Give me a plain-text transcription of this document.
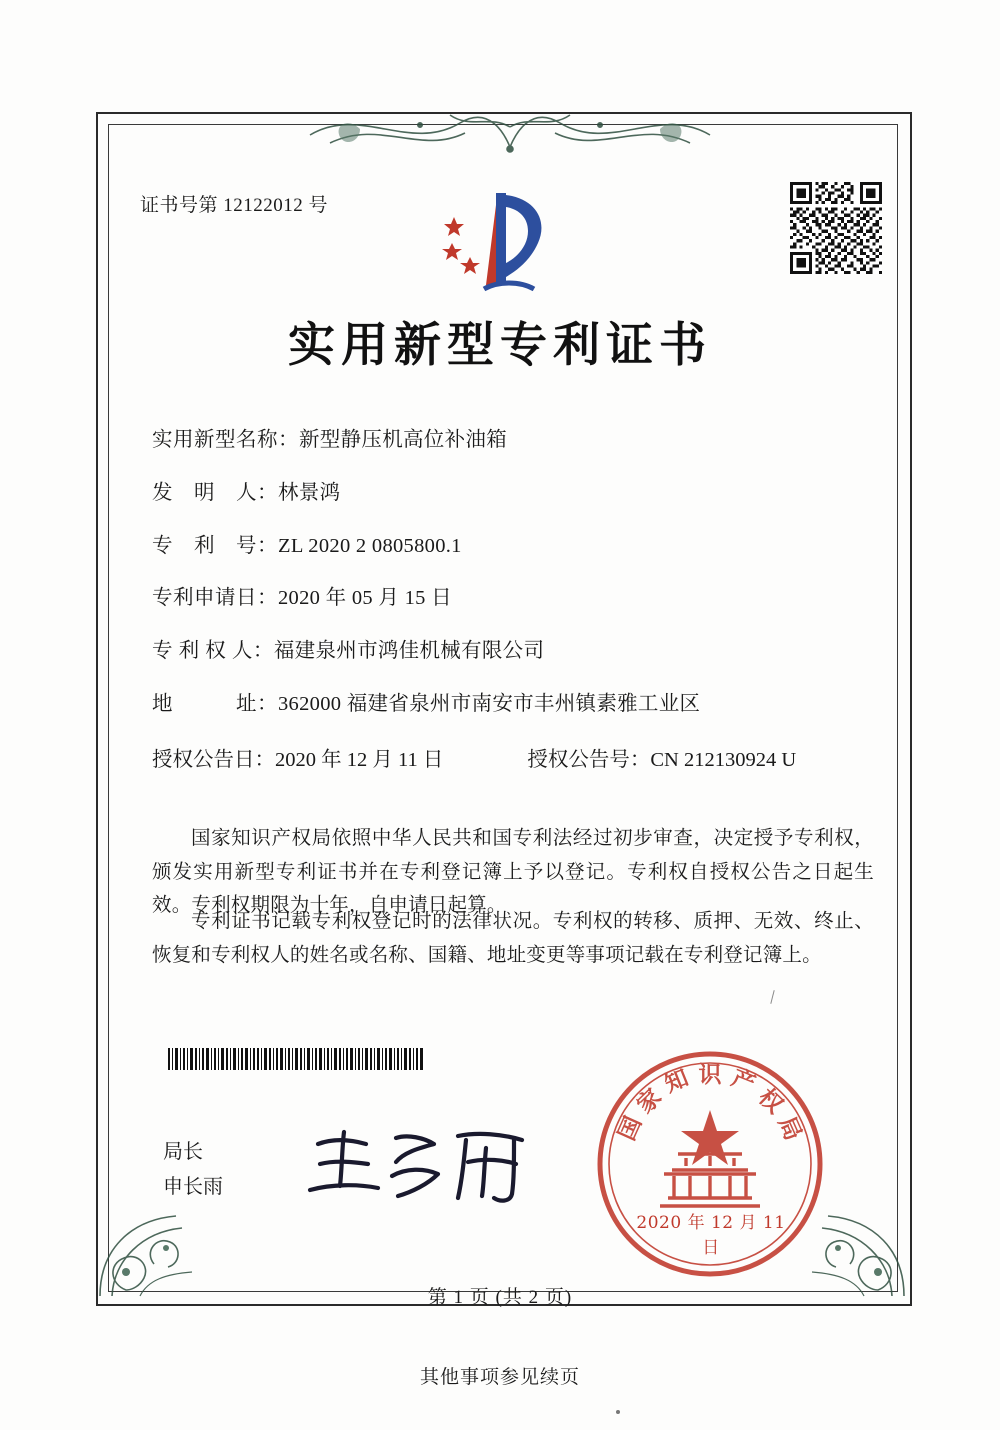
证书号第 12122012 号
实用新型专利证书
实用新型名称： 新型静压机高位补油箱
发　明　人： 林景鸿
专　利　号： ZL 2020 2 0805800.1
专利申请日： 2020 年 05 月 15 日
专 利 权 人： 福建泉州市鸿佳机械有限公司
地　　　址： 362000 福建省泉州市南安市丰州镇素雅工业区
授权公告日：2020 年 12 月 11 日	授权公告号：CN 212130924 U
国家知识产权局依照中华人民共和国专利法经过初步审查，决定授予专利权，颁发实用新型专利证书并在专利登记簿上予以登记。专利权自授权公告之日起生效。专利权期限为十年，自申请日起算。
专利证书记载专利权登记时的法律状况。专利权的转移、质押、无效、终止、恢复和专利权人的姓名或名称、国籍、地址变更等事项记载在专利登记簿上。
局长
申长雨
国
家
知 识 产
权
局
2020 年 12 月 11 日
第 1 页 (共 2 页)
其他事项参见续页
